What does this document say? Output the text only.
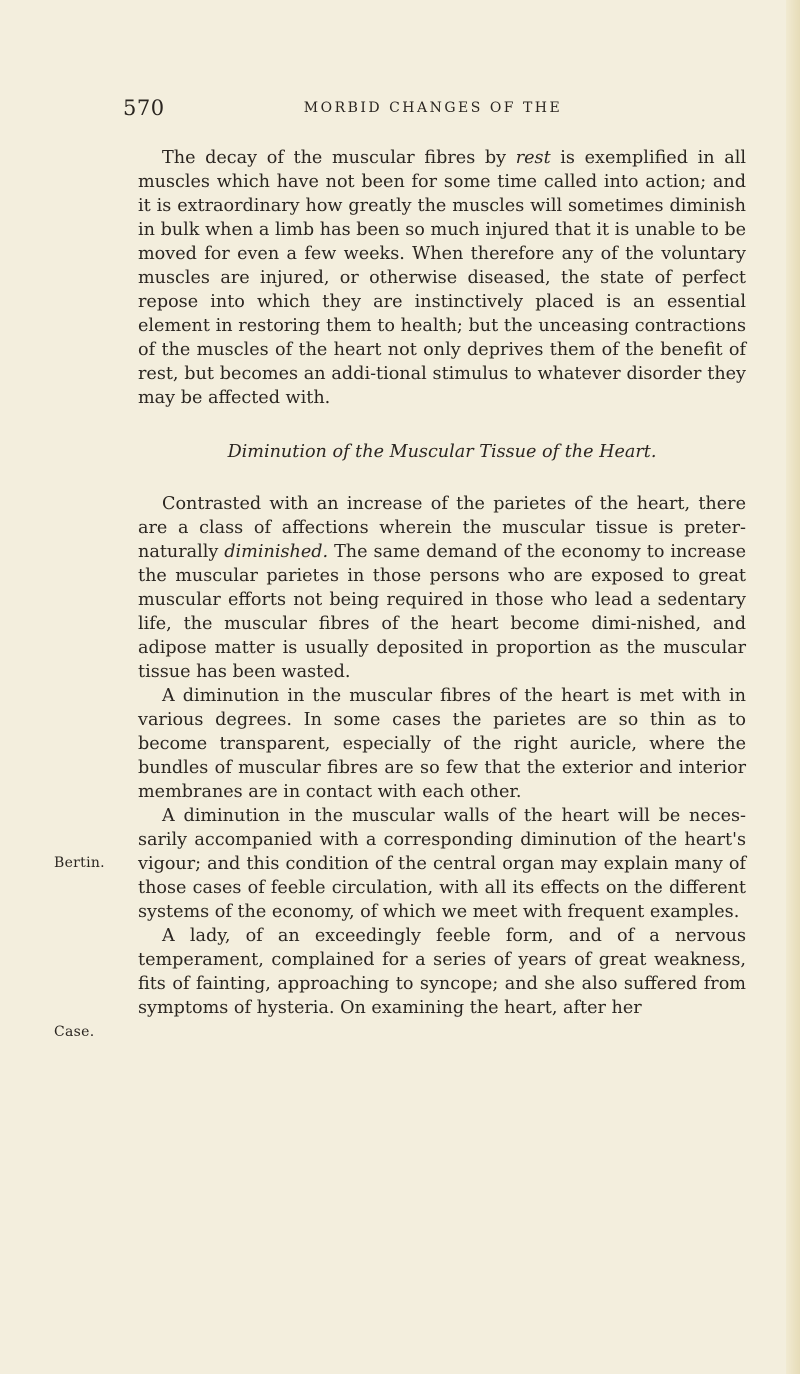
570	MORBID CHANGES OF THE
Bertin.
Case.

The decay of the muscular fibres by rest is exemplified in all muscles which have not been for some time called into action; and it is extraordinary how greatly the muscles will sometimes diminish in bulk when a limb has been so much injured that it is unable to be moved for even a few weeks. When therefore any of the voluntary muscles are injured, or otherwise diseased, the state of perfect repose into which they are instinctively placed is an essential element in restoring them to health; but the unceasing contractions of the muscles of the heart not only deprives them of the benefit of rest, but becomes an addi-tional stimulus to whatever disorder they may be affected with.

Diminution of the Muscular Tissue of the Heart.

Contrasted with an increase of the parietes of the heart, there are a class of affections wherein the muscular tissue is preter-naturally diminished. The same demand of the economy to increase the muscular parietes in those persons who are exposed to great muscular efforts not being required in those who lead a sedentary life, the muscular fibres of the heart become dimi-nished, and adipose matter is usually deposited in proportion as the muscular tissue has been wasted.

A diminution in the muscular fibres of the heart is met with in various degrees. In some cases the parietes are so thin as to become transparent, especially of the right auricle, where the bundles of muscular fibres are so few that the exterior and interior membranes are in contact with each other.

A diminution in the muscular walls of the heart will be neces-sarily accompanied with a corresponding diminution of the heart's vigour; and this condition of the central organ may explain many of those cases of feeble circulation, with all its effects on the different systems of the economy, of which we meet with frequent examples.

A lady, of an exceedingly feeble form, and of a nervous temperament, complained for a series of years of great weakness, fits of fainting, approaching to syncope; and she also suffered from symptoms of hysteria. On examining the heart, after her
